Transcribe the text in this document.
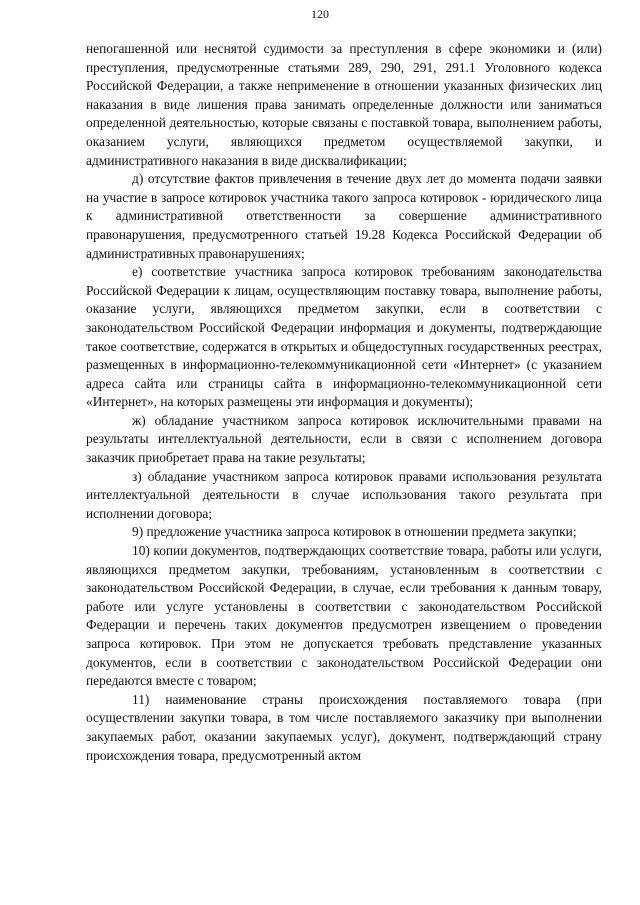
120

непогашенной или неснятой судимости за преступления в сфере экономики и (или) преступления, предусмотренные статьями 289, 290, 291, 291.1 Уголовного кодекса Российской Федерации, а также неприменение в отношении указанных физических лиц наказания в виде лишения права занимать определенные должности или заниматься определенной деятельностью, которые связаны с поставкой товара, выполнением работы, оказанием услуги, являющихся предметом осуществляемой закупки, и административного наказания в виде дисквалификации;

д) отсутствие фактов привлечения в течение двух лет до момента подачи заявки на участие в запросе котировок участника такого запроса котировок - юридического лица к административной ответственности за совершение административного правонарушения, предусмотренного статьей 19.28 Кодекса Российской Федерации об административных правонарушениях;

е) соответствие участника запроса котировок требованиям законодательства Российской Федерации к лицам, осуществляющим поставку товара, выполнение работы, оказание услуги, являющихся предметом закупки, если в соответствии с законодательством Российской Федерации информация и документы, подтверждающие такое соответствие, содержатся в открытых и общедоступных государственных реестрах, размещенных в информационно-телекоммуникационной сети «Интернет» (с указанием адреса сайта или страницы сайта в информационно-телекоммуникационной сети «Интернет», на которых размещены эти информация и документы);

ж) обладание участником запроса котировок исключительными правами на результаты интеллектуальной деятельности, если в связи с исполнением договора заказчик приобретает права на такие результаты;

з) обладание участником запроса котировок правами использования результата интеллектуальной деятельности в случае использования такого результата при исполнении договора;

9) предложение участника запроса котировок в отношении предмета закупки;

10) копии документов, подтверждающих соответствие товара, работы или услуги, являющихся предметом закупки, требованиям, установленным в соответствии с законодательством Российской Федерации, в случае, если требования к данным товару, работе или услуге установлены в соответствии с законодательством Российской Федерации и перечень таких документов предусмотрен извещением о проведении запроса котировок. При этом не допускается требовать представление указанных документов, если в соответствии с законодательством Российской Федерации они передаются вместе с товаром;

11) наименование страны происхождения поставляемого товара (при осуществлении закупки товара, в том числе поставляемого заказчику при выполнении закупаемых работ, оказании закупаемых услуг), документ, подтверждающий страну происхождения товара, предусмотренный актом
